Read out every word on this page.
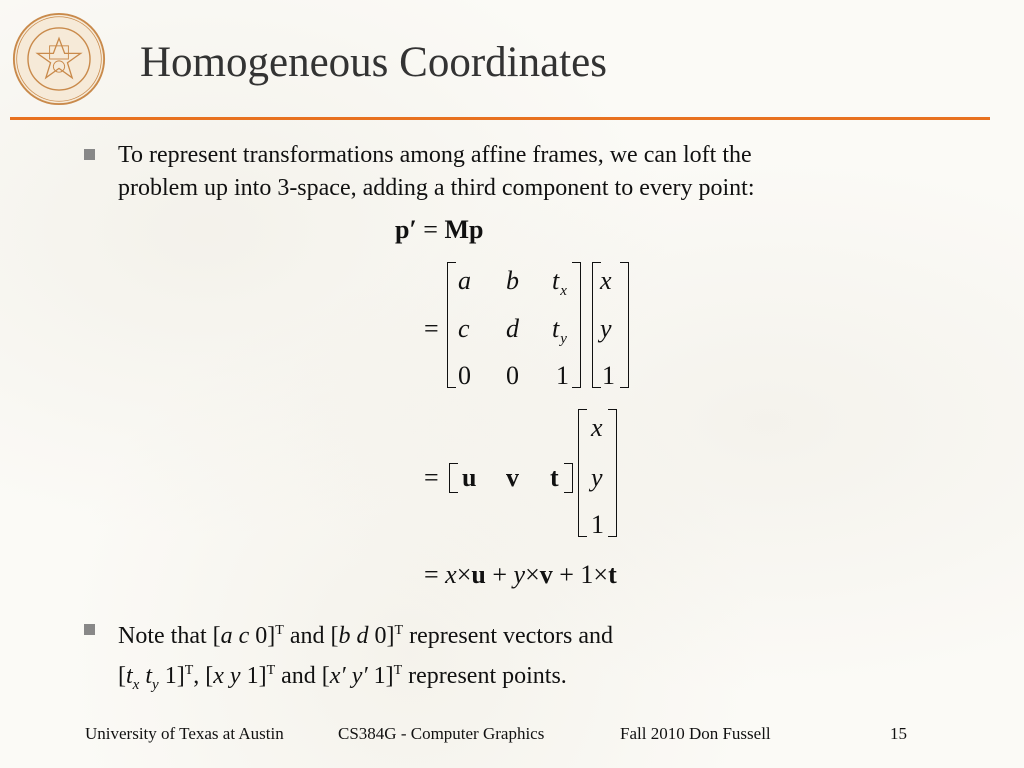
Homogeneous Coordinates
To represent transformations among affine frames, we can loft the
problem up into 3-space, adding a third component to every point:
p′ = Mp
=
a b $t_x$ x
c d $t_y$ y
0 0 1 1
= u v t
x
y
1
= x×u + y×v + 1×t
Note that [a c 0]$^T$ and [b d 0]$^T$ represent vectors and
[$t_x$ $t_y$ 1]$^T$, [x y 1]$^T$ and [x′ y′ 1]$^T$ represent points.
University of Texas at Austin	CS384G - Computer Graphics	Fall 2010 Don Fussell	15
